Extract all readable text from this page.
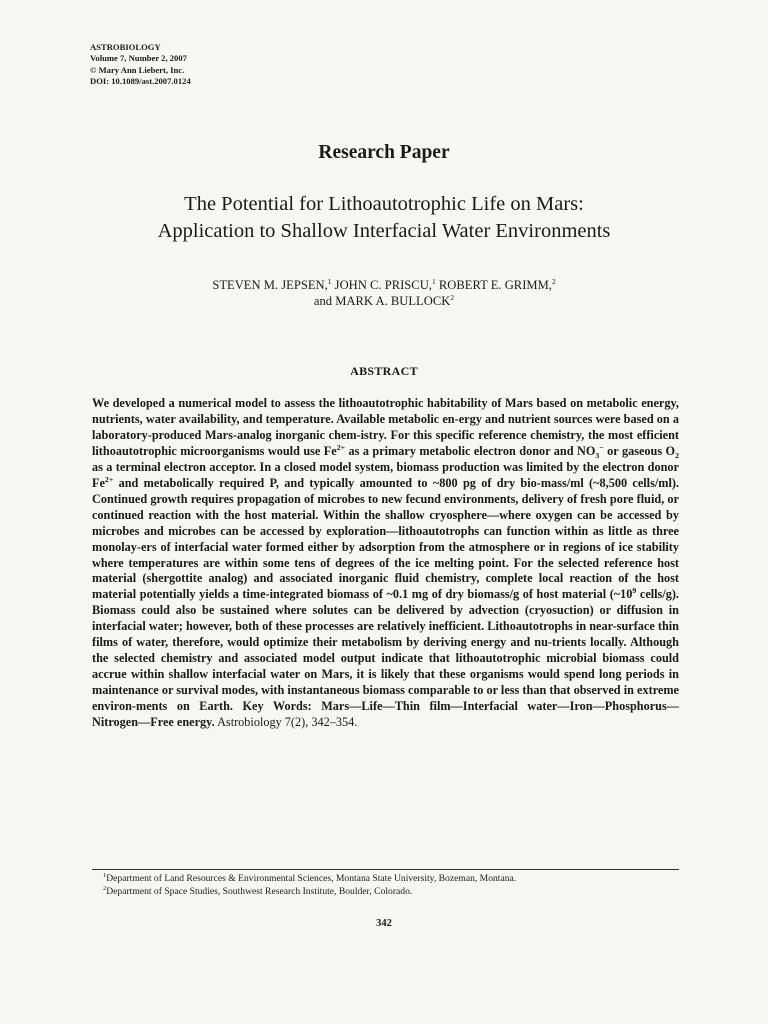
ASTROBIOLOGY
Volume 7, Number 2, 2007
© Mary Ann Liebert, Inc.
DOI: 10.1089/ast.2007.0124
Research Paper
The Potential for Lithoautotrophic Life on Mars:
Application to Shallow Interfacial Water Environments
STEVEN M. JEPSEN,$^1$ JOHN C. PRISCU,$^1$ ROBERT E. GRIMM,$^2$
and MARK A. BULLOCK$^2$
ABSTRACT
We developed a numerical model to assess the lithoautotrophic habitability of Mars based on metabolic energy, nutrients, water availability, and temperature. Available metabolic en-ergy and nutrient sources were based on a laboratory-produced Mars-analog inorganic chem-istry. For this specific reference chemistry, the most efficient lithoautotrophic microorganisms would use $Fe^{2+}$ as a primary metabolic electron donor and $NO_3^-$ or gaseous $O_2$ as a terminal electron acceptor. In a closed model system, biomass production was limited by the electron donor $Fe^{2+}$ and metabolically required P, and typically amounted to ~800 pg of dry bio-mass/ml (~8,500 cells/ml). Continued growth requires propagation of microbes to new fecund environments, delivery of fresh pore fluid, or continued reaction with the host material. Within the shallow cryosphere—where oxygen can be accessed by microbes and microbes can be accessed by exploration—lithoautotrophs can function within as little as three monolay-ers of interfacial water formed either by adsorption from the atmosphere or in regions of ice stability where temperatures are within some tens of degrees of the ice melting point. For the selected reference host material (shergottite analog) and associated inorganic fluid chemistry, complete local reaction of the host material potentially yields a time-integrated biomass of ~0.1 mg of dry biomass/g of host material ($\sim 10^9$ cells/g). Biomass could also be sustained where solutes can be delivered by advection (cryosuction) or diffusion in interfacial water; however, both of these processes are relatively inefficient. Lithoautotrophs in near-surface thin films of water, therefore, would optimize their metabolism by deriving energy and nu-trients locally. Although the selected chemistry and associated model output indicate that lithoautotrophic microbial biomass could accrue within shallow interfacial water on Mars, it is likely that these organisms would spend long periods in maintenance or survival modes, with instantaneous biomass comparable to or less than that observed in extreme environ-ments on Earth. Key Words: Mars—Life—Thin film—Interfacial water—Iron—Phosphorus—Nitrogen—Free energy. Astrobiology 7(2), 342–354.
$^1$Department of Land Resources & Environmental Sciences, Montana State University, Bozeman, Montana.
$^2$Department of Space Studies, Southwest Research Institute, Boulder, Colorado.
342
